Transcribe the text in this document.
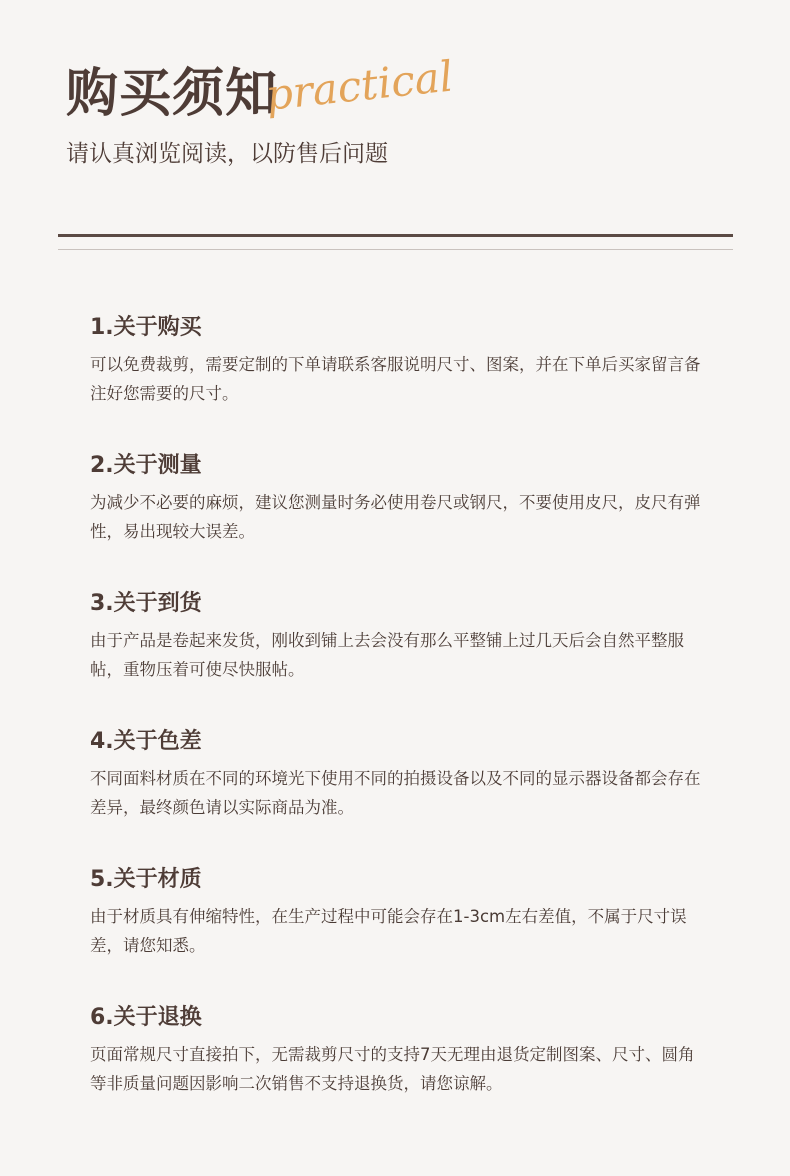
购买须知
practical
请认真浏览阅读，以防售后问题
1.关于购买
可以免费裁剪，需要定制的下单请联系客服说明尺寸、图案，并在下单后买家留言备注好您需要的尺寸。
2.关于测量
为减少不必要的麻烦，建议您测量时务必使用卷尺或钢尺，不要使用皮尺，皮尺有弹性，易出现较大误差。
3.关于到货
由于产品是卷起来发货，刚收到铺上去会没有那么平整铺上过几天后会自然平整服帖，重物压着可使尽快服帖。
4.关于色差
不同面料材质在不同的环境光下使用不同的拍摄设备以及不同的显示器设备都会存在差异，最终颜色请以实际商品为准。
5.关于材质
由于材质具有伸缩特性，在生产过程中可能会存在1-3cm左右差值，不属于尺寸误差，请您知悉。
6.关于退换
页面常规尺寸直接拍下，无需裁剪尺寸的支持7天无理由退货定制图案、尺寸、圆角等非质量问题因影响二次销售不支持退换货，请您谅解。
